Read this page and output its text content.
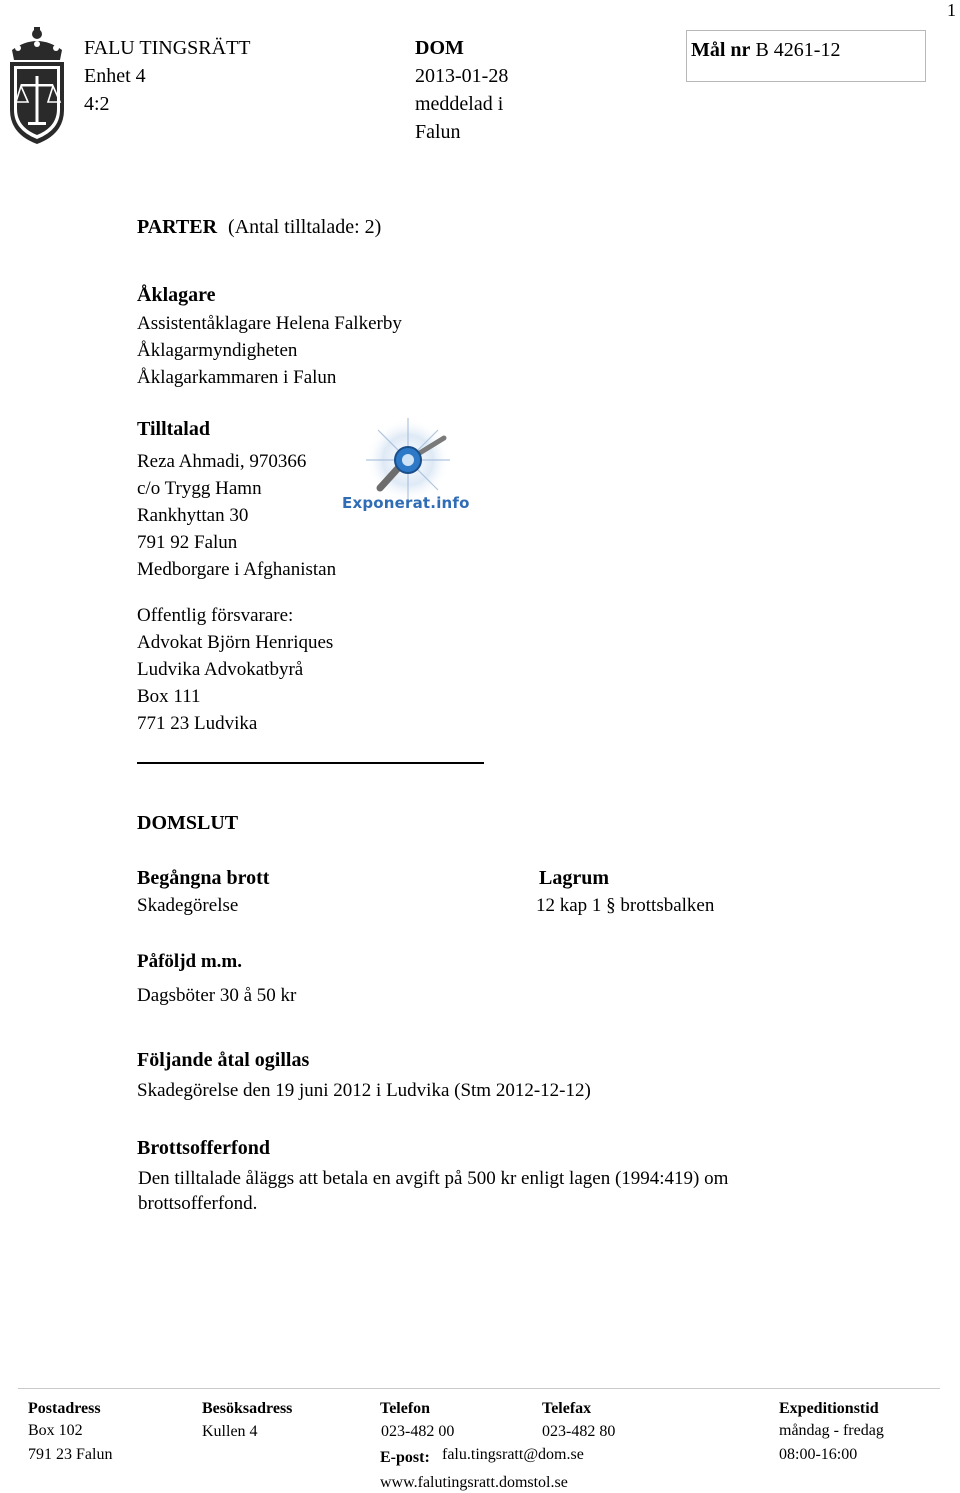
1
FALU TINGSRÄTT
Enhet 4
4:2
DOM
2013-01-28
meddelad i
Falun
Mål nr B 4261-12
PARTER (Antal tilltalade: 2)
Åklagare
Assistentåklagare Helena Falkerby
Åklagarmyndigheten
Åklagarkammaren i Falun
Tilltalad
Reza Ahmadi, 970366
c/o Trygg Hamn
Rankhyttan 30
791 92 Falun
Medborgare i Afghanistan
Exponerat.info
Offentlig försvarare:
Advokat Björn Henriques
Ludvika Advokatbyrå
Box 111
771 23 Ludvika
DOMSLUT
Begångna brott
Skadegörelse
Lagrum
12 kap 1 § brottsbalken
Påföljd m.m.
Dagsböter 30 å 50 kr
Följande åtal ogillas
Skadegörelse den 19 juni 2012 i Ludvika (Stm 2012-12-12)
Brottsofferfond
Den tilltalade åläggs att betala en avgift på 500 kr enligt lagen (1994:419) om
brottsofferfond.
Postadress
Box 102
791 23 Falun
Besöksadress
Kullen 4
Telefon
023-482 00
E-post: falu.tingsratt@dom.se
www.falutingsratt.domstol.se
Telefax
023-482 80
Expeditionstid
måndag - fredag
08:00-16:00
